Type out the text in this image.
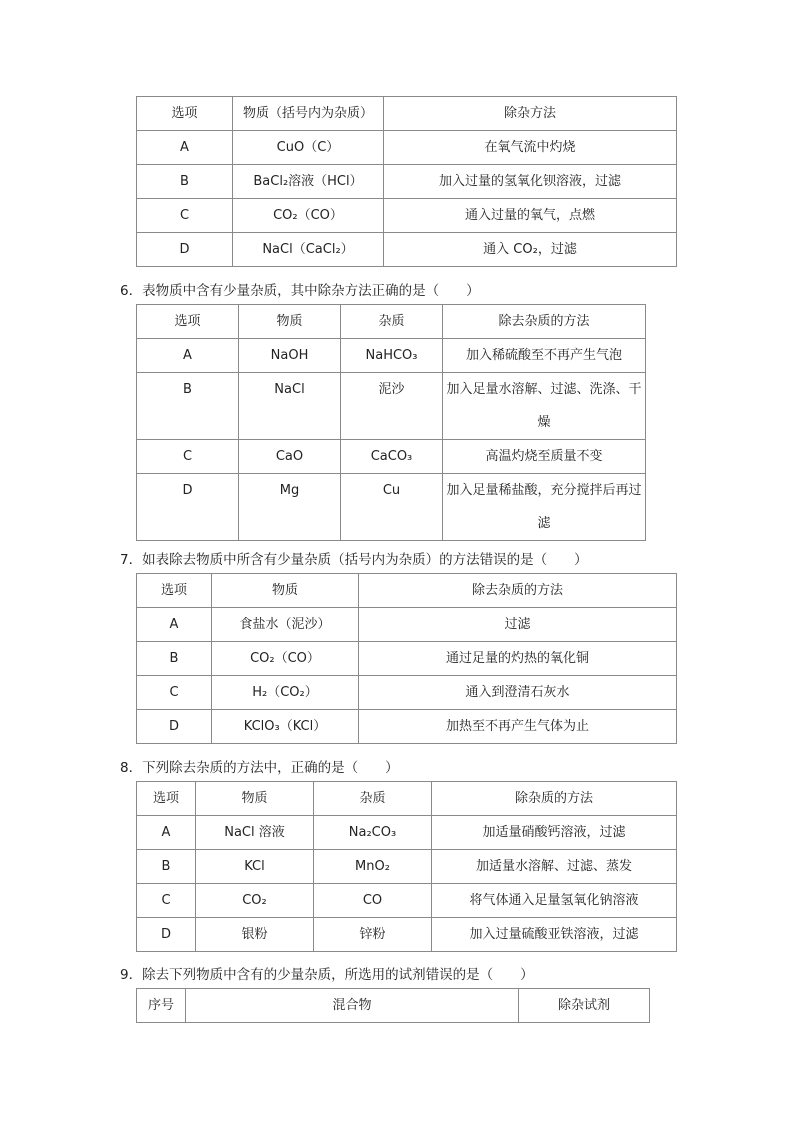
选项	物质（括号内为杂质）	除杂方法
A	CuO（C）	在氧气流中灼烧
B	BaCl₂溶液（HCl）	加入过量的氢氧化钡溶液，过滤
C	CO₂（CO）	通入过量的氧气，点燃
D	NaCl（CaCl₂）	通入 CO₂，过滤
6．表物质中含有少量杂质，其中除杂方法正确的是（　　）
选项	物质	杂质	除去杂质的方法
A	NaOH	NaHCO₃	加入稀硫酸至不再产生气泡
B	NaCl	泥沙	加入足量水溶解、过滤、洗涤、干燥
C	CaO	CaCO₃	高温灼烧至质量不变
D	Mg	Cu	加入足量稀盐酸，充分搅拌后再过滤
7．如表除去物质中所含有少量杂质（括号内为杂质）的方法错误的是（　　）
选项	物质	除去杂质的方法
A	食盐水（泥沙）	过滤
B	CO₂（CO）	通过足量的灼热的氧化铜
C	H₂（CO₂）	通入到澄清石灰水
D	KClO₃（KCl）	加热至不再产生气体为止
8．下列除去杂质的方法中，正确的是（　　）
选项	物质	杂质	除杂质的方法
A	NaCl 溶液	Na₂CO₃	加适量硝酸钙溶液，过滤
B	KCl	MnO₂	加适量水溶解、过滤、蒸发
C	CO₂	CO	将气体通入足量氢氧化钠溶液
D	银粉	锌粉	加入过量硫酸亚铁溶液，过滤
9．除去下列物质中含有的少量杂质，所选用的试剂错误的是（　　）
序号	混合物	除杂试剂
